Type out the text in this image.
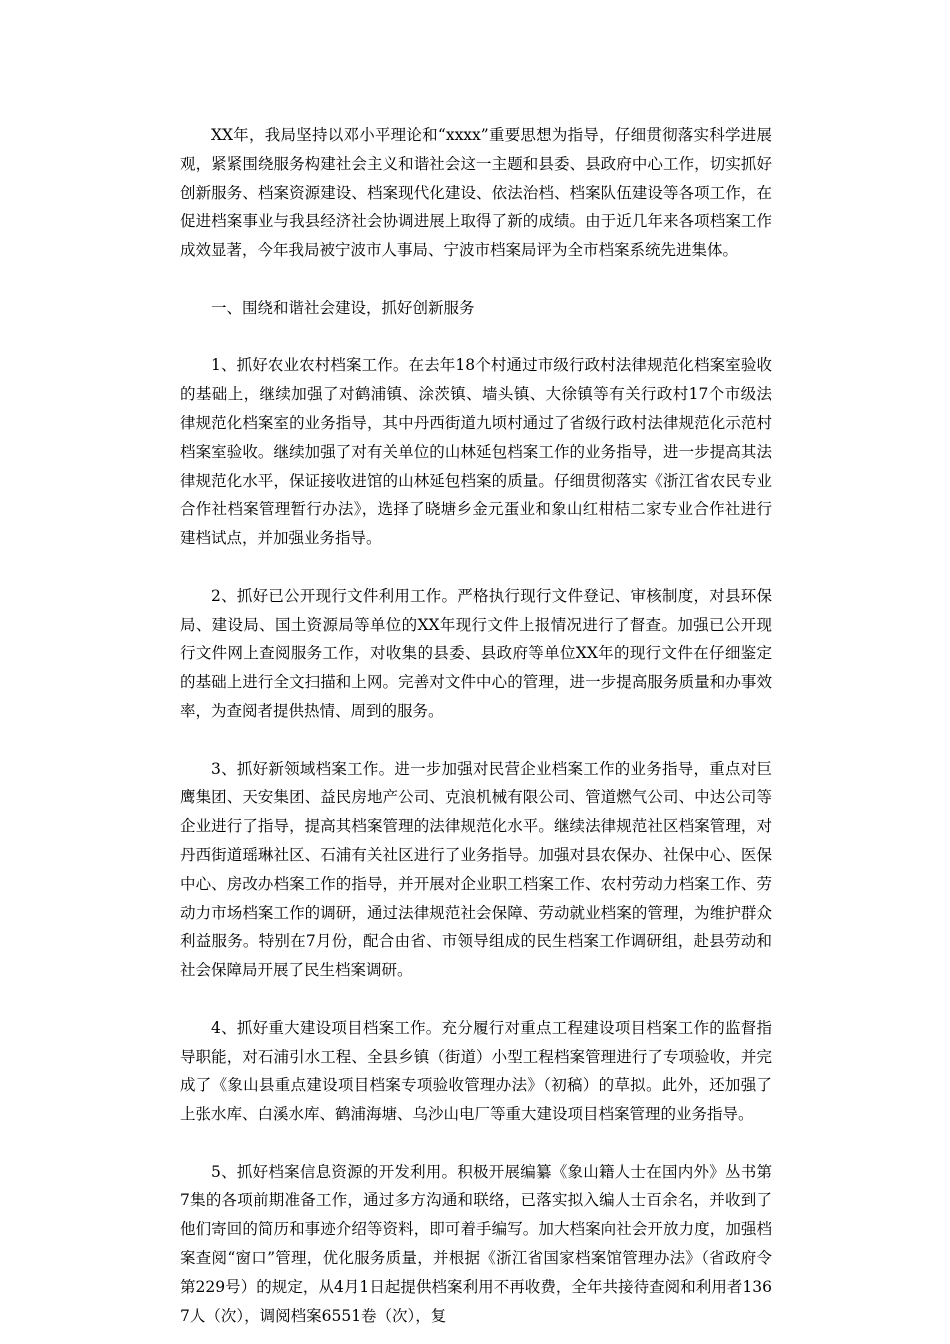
XX年，我局坚持以邓小平理论和“xxxx”重要思想为指导，仔细贯彻落实科学进展观，紧紧围绕服务构建社会主义和谐社会这一主题和县委、县政府中心工作，切实抓好创新服务、档案资源建设、档案现代化建设、依法治档、档案队伍建设等各项工作，在促进档案事业与我县经济社会协调进展上取得了新的成绩。由于近几年来各项档案工作成效显著，今年我局被宁波市人事局、宁波市档案局评为全市档案系统先进集体。

一、围绕和谐社会建设，抓好创新服务

1、抓好农业农村档案工作。在去年18个村通过市级行政村法律规范化档案室验收的基础上，继续加强了对鹤浦镇、涂茨镇、墙头镇、大徐镇等有关行政村17个市级法律规范化档案室的业务指导，其中丹西街道九顷村通过了省级行政村法律规范化示范村档案室验收。继续加强了对有关单位的山林延包档案工作的业务指导，进一步提高其法律规范化水平，保证接收进馆的山林延包档案的质量。仔细贯彻落实《浙江省农民专业合作社档案管理暂行办法》，选择了晓塘乡金元蛋业和象山红柑桔二家专业合作社进行建档试点，并加强业务指导。

2、抓好已公开现行文件利用工作。严格执行现行文件登记、审核制度，对县环保局、建设局、国土资源局等单位的XX年现行文件上报情况进行了督查。加强已公开现行文件网上查阅服务工作，对收集的县委、县政府等单位XX年的现行文件在仔细鉴定的基础上进行全文扫描和上网。完善对文件中心的管理，进一步提高服务质量和办事效率，为查阅者提供热情、周到的服务。

3、抓好新领域档案工作。进一步加强对民营企业档案工作的业务指导，重点对巨鹰集团、天安集团、益民房地产公司、克浪机械有限公司、管道燃气公司、中达公司等企业进行了指导，提高其档案管理的法律规范化水平。继续法律规范社区档案管理，对丹西街道瑶琳社区、石浦有关社区进行了业务指导。加强对县农保办、社保中心、医保中心、房改办档案工作的指导，并开展对企业职工档案工作、农村劳动力档案工作、劳动力市场档案工作的调研，通过法律规范社会保障、劳动就业档案的管理，为维护群众利益服务。特别在7月份，配合由省、市领导组成的民生档案工作调研组，赴县劳动和社会保障局开展了民生档案调研。

4、抓好重大建设项目档案工作。充分履行对重点工程建设项目档案工作的监督指导职能，对石浦引水工程、全县乡镇（街道）小型工程档案管理进行了专项验收，并完成了《象山县重点建设项目档案专项验收管理办法》（初稿）的草拟。此外，还加强了上张水库、白溪水库、鹤浦海塘、乌沙山电厂等重大建设项目档案管理的业务指导。

5、抓好档案信息资源的开发利用。积极开展编纂《象山籍人士在国内外》丛书第7集的各项前期准备工作，通过多方沟通和联络，已落实拟入编人士百余名，并收到了他们寄回的简历和事迹介绍等资料，即可着手编写。加大档案向社会开放力度，加强档案查阅“窗口”管理，优化服务质量，并根据《浙江省国家档案馆管理办法》（省政府令第229号）的规定，从4月1日起提供档案利用不再收费，全年共接待查阅和利用者1367人（次），调阅档案6551卷（次），复
